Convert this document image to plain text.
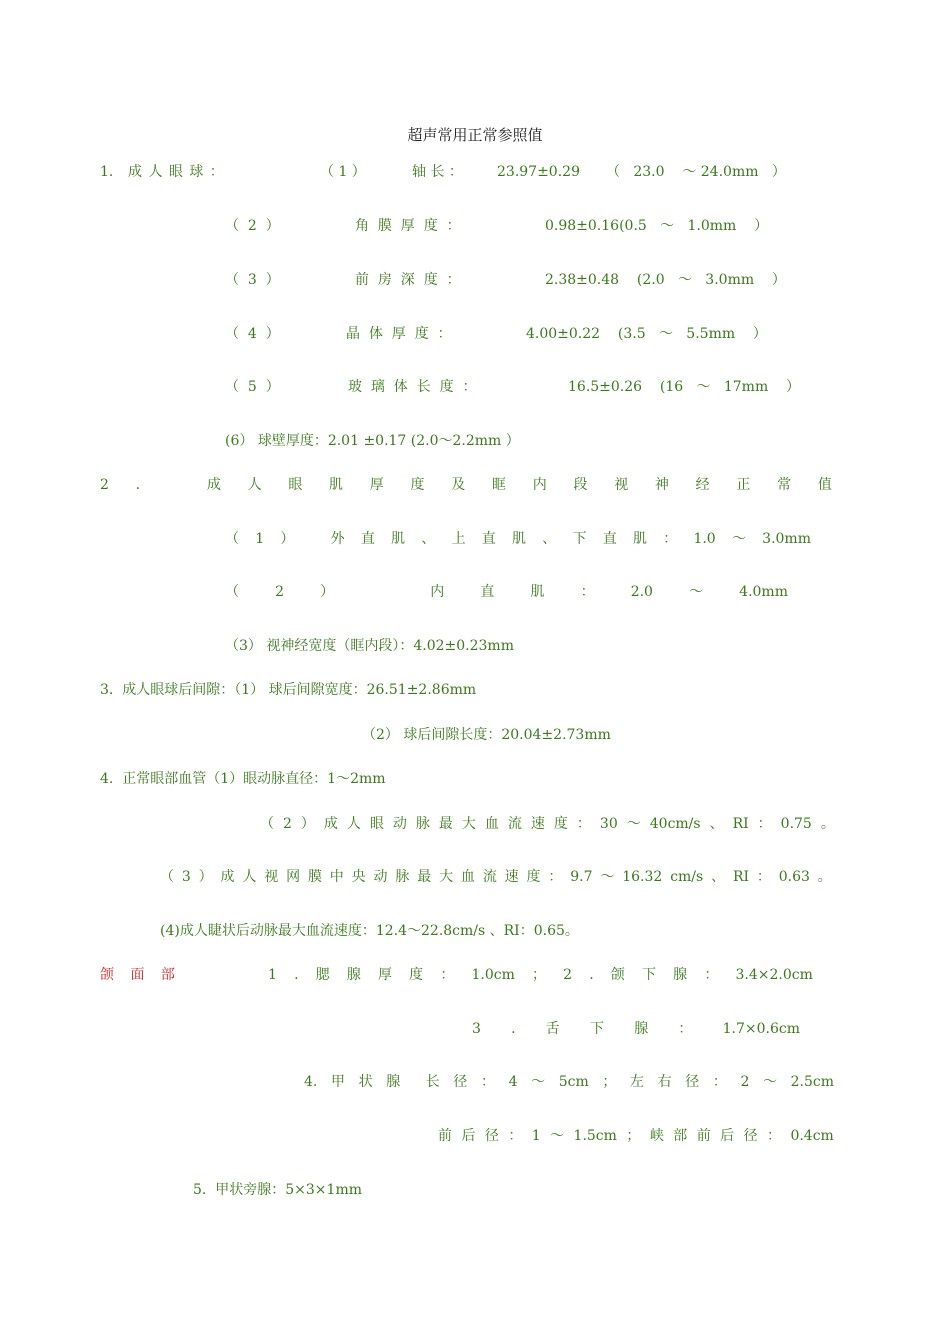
超声常用正常参照值
1. 成 人 眼 球 ：	（ 1 ）	轴 长 ： 23.97±0.29 （   23.0    ～ 24.0mm   ）
（  2  ）	角  膜  厚  度  ：	0.98±0.16(0.5   ～   1.0mm    ）
（  3  ）	前  房  深  度  ：	2.38±0.48    (2.0   ～   3.0mm    ）
（  4  ）	晶  体  厚  度  ：	4.00±0.22    (3.5   ～   5.5mm    ）
（  5  ）	玻  璃  体  长  度  ：	16.5±0.26    (16   ～   17mm    ）
(6） 球壁厚度：2.01 ±0.17 (2.0～2.2mm ）
2 .	成 人 眼 肌 厚 度 及 眶 内 段 视 神 经 正 常 值
（ 1 ）	外 直 肌 、 上 直 肌 、 下 直 肌 ： 1.0 ～ 3.0mm
（	2	）	内	直	肌	：	2.0	～	4.0mm
（3） 视神经宽度（眶内段）：4.02±0.23mm
3.  成人眼球后间隙：（1） 球后间隙宽度：26.51±2.86mm
（2） 球后间隙长度：20.04±2.73mm
4.  正常眼部血管（1）眼动脉直径：1～2mm
（ 2 ） 成 人 眼 动 脉 最 大 血 流 速 度 ： 30 ～ 40cm/s 、 RI ： 0.75 。
（ 3 ） 成 人 视 网 膜 中 央 动 脉 最 大 血 流 速 度 ： 9.7 ～ 16.32 cm/s 、 RI ： 0.63 。
(4)成人睫状后动脉最大血流速度：12.4～22.8cm/s 、RI：0.65。
颌 面 部	1 . 腮 腺 厚 度 ： 1.0cm ； 2 . 颌 下 腺 ： 3.4×2.0cm
3 . 舌 下 腺 ： 1.7×0.6cm
4. 甲 状 腺 长 径 ： 4 ～ 5cm ； 左 右 径 ： 2 ～ 2.5cm
前 后 径 ： 1 ～ 1.5cm ； 峡 部 前 后 径 ： 0.4cm
5.  甲状旁腺：5×3×1mm
